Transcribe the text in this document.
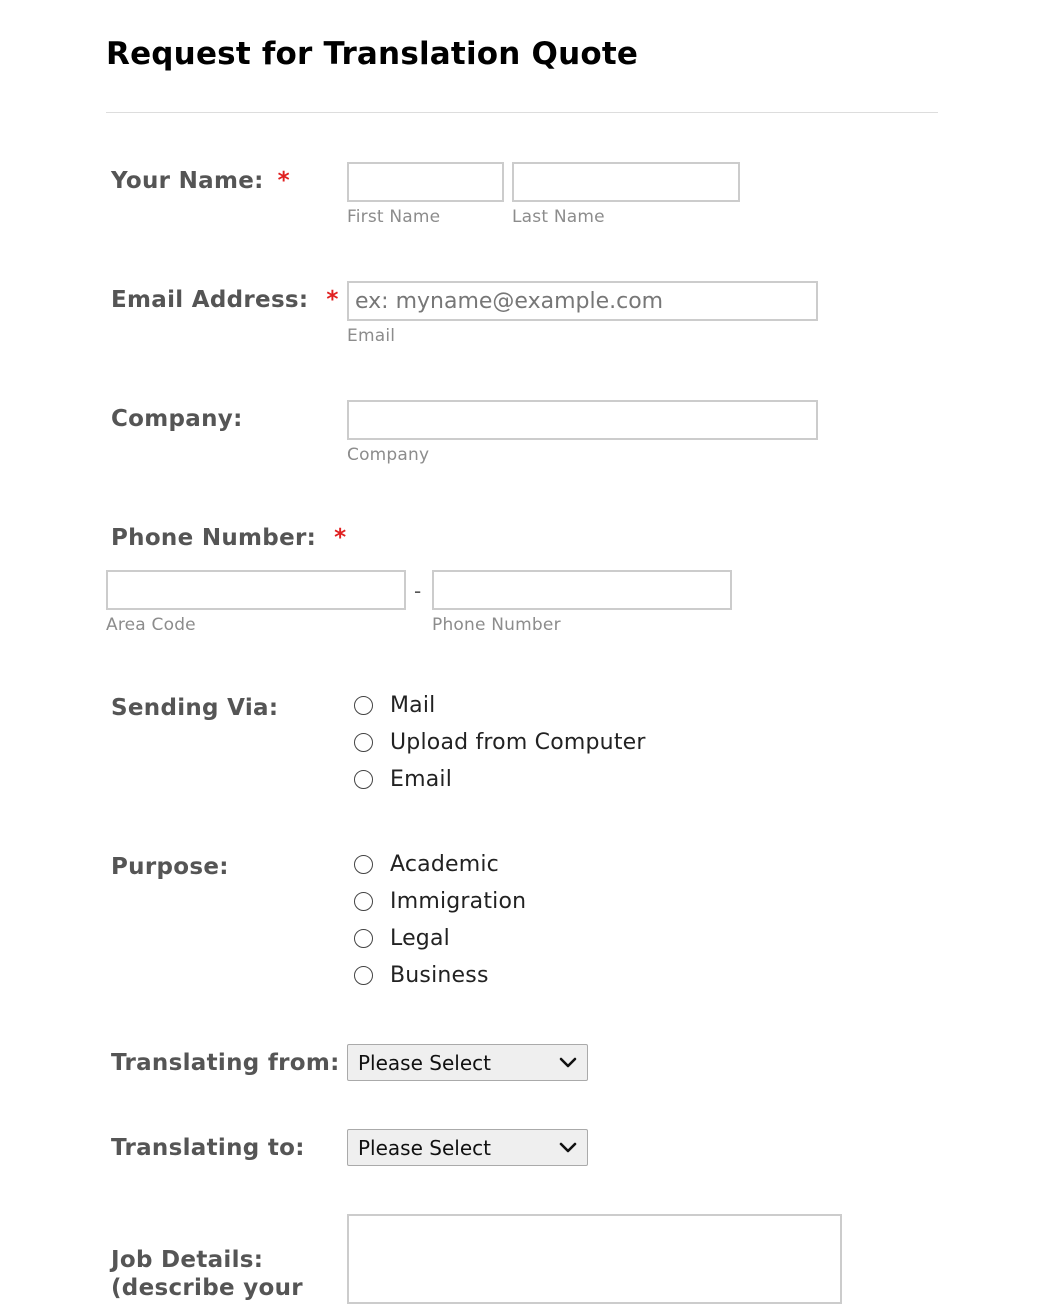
Request for Translation Quote
Your Name: *
First Name	Last Name
Email Address: *
ex: myname@example.com
Email
Company:
Company
Phone Number: *
-
Area Code	Phone Number
Sending Via:	Mail
Upload from Computer
Email
Purpose:	Academic
Immigration
Legal
Business
Translating from: Please Select
Translating to:	Please Select
Job Details:
(describe your
